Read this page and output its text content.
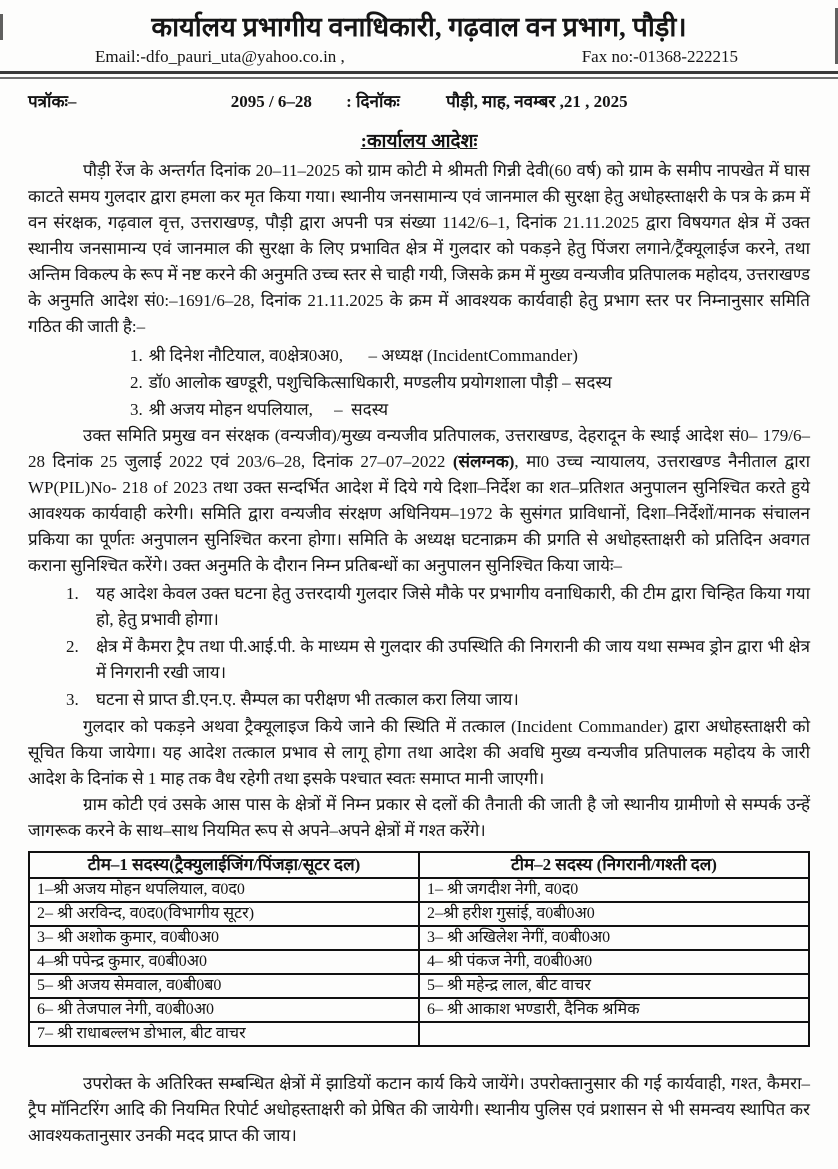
कार्यालय प्रभागीय वनाधिकारी, गढ़वाल वन प्रभाग, पौड़ी।
Email:-dfo_pauri_uta@yahoo.co.in ,	Fax no:-01368-222215
पत्रॉकः–	2095 / 6–28 : दिनॉकः	पौड़ी, माह, नवम्बर ,21 , 2025
:कार्यालय आदेशः

पौड़ी रेंज के अन्तर्गत दिनांक 20–11–2025 को ग्राम कोटी मे श्रीमती गिन्नी देवी(60 वर्ष) को ग्राम के समीप नापखेत में घास काटते समय गुलदार द्वारा हमला कर मृत किया गया। स्थानीय जनसामान्य एवं जानमाल की सुरक्षा हेतु अधोहस्ताक्षरी के पत्र के क्रम में वन संरक्षक, गढ़वाल वृत्त, उत्तराखण्ड़, पौड़ी द्वारा अपनी पत्र संख्या 1142/6–1, दिनांक 21.11.2025 द्वारा विषयगत क्षेत्र में उक्त स्थानीय जनसामान्य एवं जानमाल की सुरक्षा के लिए प्रभावित क्षेत्र में गुलदार को पकड़ने हेतु पिंजरा लगाने/ट्रैंक्यूलाईज करने, तथा अन्तिम विकल्प के रूप में नष्ट करने की अनुमति उच्च स्तर से चाही गयी, जिसके क्रम में मुख्य वन्यजीव प्रतिपालक महोदय, उत्तराखण्ड के अनुमति आदेश सं0:–1691/6–28, दिनांक 21.11.2025 के क्रम में आवश्यक कार्यवाही हेतु प्रभाग स्तर पर निम्नानुसार समिति गठित की जाती है:–

1. श्री दिनेश नौटियाल, व0क्षेत्र0अ0,      – अध्यक्ष (IncidentCommander)
2. डॉ0 आलोक खण्डूरी, पशुचिकित्साधिकारी, मण्डलीय प्रयोगशाला पौड़ी – सदस्य
3. श्री अजय मोहन थपलियाल,     –  सदस्य

उक्त समिति प्रमुख वन संरक्षक (वन्यजीव)/मुख्य वन्यजीव प्रतिपालक, उत्तराखण्ड, देहरादून के स्थाई आदेश सं0– 179/6–28 दिनांक 25 जुलाई 2022 एवं 203/6–28, दिनांक 27–07–2022 (संलग्नक), मा0 उच्च न्यायालय, उत्तराखण्ड नैनीताल द्वारा WP(PIL)No- 218 of 2023 तथा उक्त सन्दर्भित आदेश में दिये गये दिशा–निर्देश का शत–प्रतिशत अनुपालन सुनिश्चित करते हुये आवश्यक कार्यवाही करेगी। समिति द्वारा वन्यजीव संरक्षण अधिनियम–1972 के सुसंगत प्राविधानों, दिशा–निर्देशों/मानक संचालन प्रकिया का पूर्णतः अनुपालन सुनिश्चित करना होगा। समिति के अध्यक्ष घटनाक्रम की प्रगति से अधोहस्ताक्षरी को प्रतिदिन अवगत कराना सुनिश्चित करेंगे। उक्त अनुमति के दौरान निम्न प्रतिबन्धों का अनुपालन सुनिश्चित किया जायेः–

1.	यह आदेश केवल उक्त घटना हेतु उत्तरदायी गुलदार जिसे मौके पर प्रभागीय वनाधिकारी, की टीम द्वारा चिन्हित किया गया हो, हेतु प्रभावी होगा।
2.	क्षेत्र में कैमरा ट्रैप तथा पी.आई.पी. के माध्यम से गुलदार की उपस्थिति की निगरानी की जाय यथा सम्भव ड्रोन द्वारा भी क्षेत्र में निगरानी रखी जाय।
3.	घटना से प्राप्त डी.एन.ए. सैम्पल का परीक्षण भी तत्काल करा लिया जाय।

गुलदार को पकड़ने अथवा ट्रैक्यूलाइज किये जाने की स्थिति में तत्काल (Incident Commander) द्वारा अधोहस्ताक्षरी को सूचित किया जायेगा। यह आदेश तत्काल प्रभाव से लागू होगा तथा आदेश की अवधि मुख्य वन्यजीव प्रतिपालक महोदय के जारी आदेश के दिनांक से 1 माह तक वैध रहेगी तथा इसके पश्चात स्वतः समाप्त मानी जाएगी।

ग्राम कोटी एवं उसके आस पास के क्षेत्रों में निम्न प्रकार से दलों की तैनाती की जाती है जो स्थानीय ग्रामीणो से सम्पर्क उन्हें जागरूक करने के साथ–साथ नियमित रूप से अपने–अपने क्षेत्रों में गश्त करेंगे।

टीम–1 सदस्य(ट्रैक्युलाईजिंग/पिंजड़ा/सूटर दल)	टीम–2 सदस्य (निगरानी/गश्ती दल)
1–श्री अजय मोहन थपलियाल, व0द0	1– श्री जगदीश नेगी, व0द0
2– श्री अरविन्द, व0द0(विभागीय सूटर)	2–श्री हरीश गुसांई, व0बी0अ0
3– श्री अशोक कुमार, व0बी0अ0	3– श्री अखिलेश नेगीं, व0बी0अ0
4–श्री पपेन्द्र कुमार, व0बी0अ0	4– श्री पंकज नेगी, व0बी0अ0
5– श्री अजय सेमवाल, व0बी0ब0	5– श्री महेन्द्र लाल, बीट वाचर
6– श्री तेजपाल नेगी, व0बी0अ0	6– श्री आकाश भण्डारी, दैनिक श्रमिक
7– श्री राधाबल्लभ डोभाल, बीट वाचर	

उपरोक्त के अतिरिक्त सम्बन्धित क्षेत्रों में झाडियों कटान कार्य किये जायेंगे। उपरोक्तानुसार की गई कार्यवाही, गश्त, कैमरा–ट्रैप मॉनिटरिंग आदि की नियमित रिपोर्ट अधोहस्ताक्षरी को प्रेषित की जायेगी। स्थानीय पुलिस एवं प्रशासन से भी समन्वय स्थापित कर आवश्यकतानुसार उनकी मदद प्राप्त की जाय।
